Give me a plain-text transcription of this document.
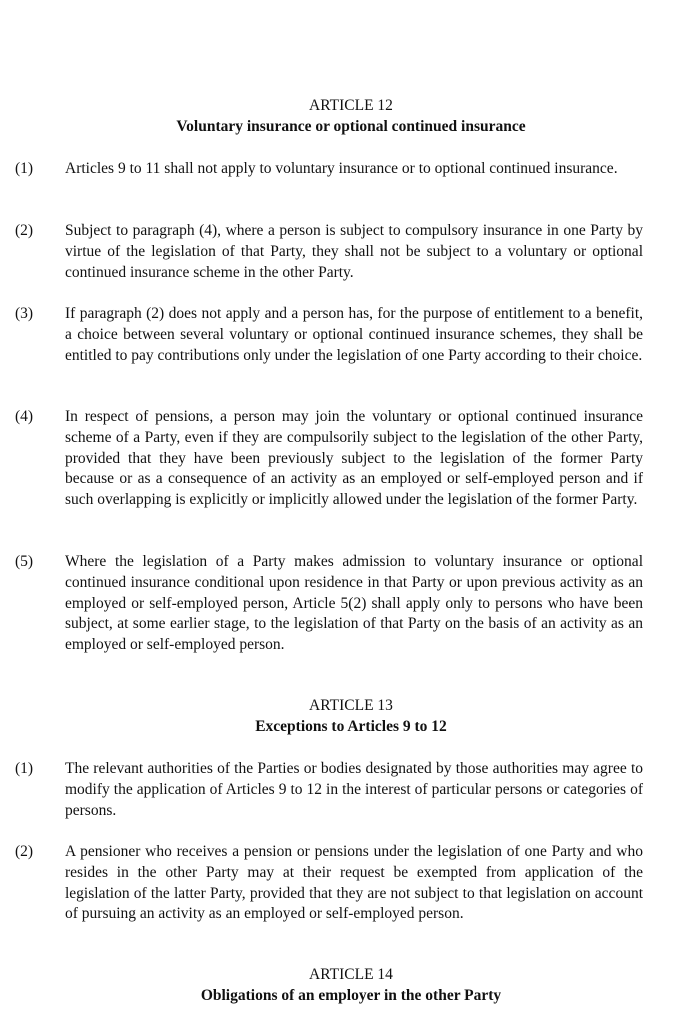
ARTICLE 12
Voluntary insurance or optional continued insurance
(1) Articles 9 to 11 shall not apply to voluntary insurance or to optional continued insurance.
(2) Subject to paragraph (4), where a person is subject to compulsory insurance in one Party by virtue of the legislation of that Party, they shall not be subject to a voluntary or optional continued insurance scheme in the other Party.
(3) If paragraph (2) does not apply and a person has, for the purpose of entitlement to a benefit, a choice between several voluntary or optional continued insurance schemes, they shall be entitled to pay contributions only under the legislation of one Party according to their choice.
(4) In respect of pensions, a person may join the voluntary or optional continued insurance scheme of a Party, even if they are compulsorily subject to the legislation of the other Party, provided that they have been previously subject to the legislation of the former Party because or as a consequence of an activity as an employed or self-employed person and if such overlapping is explicitly or implicitly allowed under the legislation of the former Party.
(5) Where the legislation of a Party makes admission to voluntary insurance or optional continued insurance conditional upon residence in that Party or upon previous activity as an employed or self-employed person, Article 5(2) shall apply only to persons who have been subject, at some earlier stage, to the legislation of that Party on the basis of an activity as an employed or self-employed person.
ARTICLE 13
Exceptions to Articles 9 to 12
(1) The relevant authorities of the Parties or bodies designated by those authorities may agree to modify the application of Articles 9 to 12 in the interest of particular persons or categories of persons.
(2) A pensioner who receives a pension or pensions under the legislation of one Party and who resides in the other Party may at their request be exempted from application of the legislation of the latter Party, provided that they are not subject to that legislation on account of pursuing an activity as an employed or self-employed person.
ARTICLE 14
Obligations of an employer in the other Party
